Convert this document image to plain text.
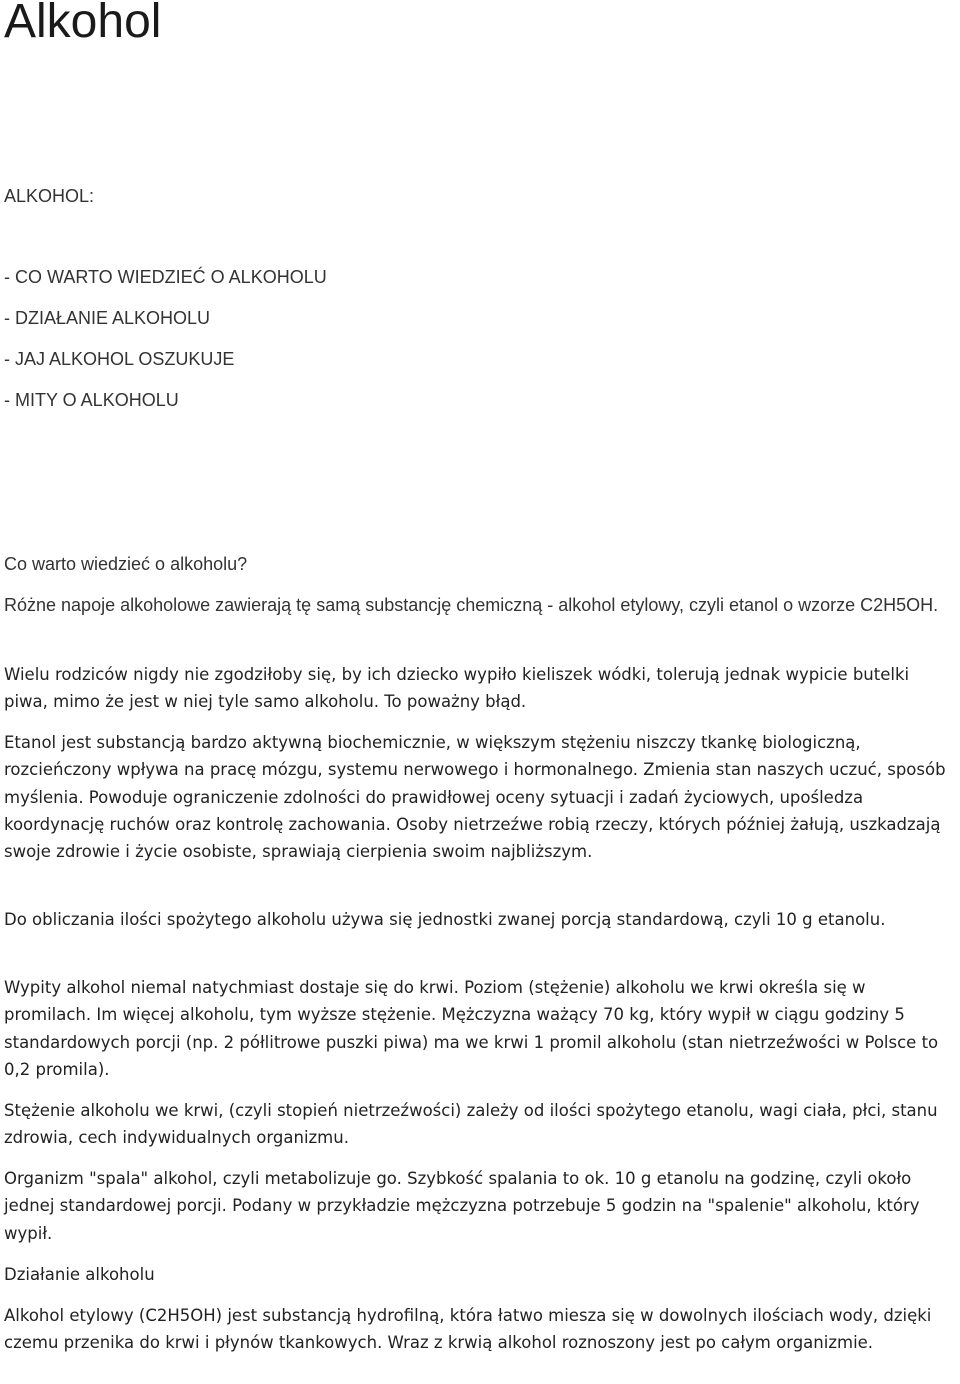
Alkohol

ALKOHOL:

- CO WARTO WIEDZIEĆ O ALKOHOLU

- DZIAŁANIE ALKOHOLU

- JAJ ALKOHOL OSZUKUJE

- MITY O ALKOHOLU

Co warto wiedzieć o alkoholu?

Różne napoje alkoholowe zawierają tę samą substancję chemiczną - alkohol etylowy, czyli etanol o wzorze C2H5OH.

Wielu rodziców nigdy nie zgodziłoby się, by ich dziecko wypiło kieliszek wódki, tolerują jednak wypicie butelki piwa, mimo że jest w niej tyle samo alkoholu. To poważny błąd.

Etanol jest substancją bardzo aktywną biochemicznie, w większym stężeniu niszczy tkankę biologiczną, rozcieńczony wpływa na pracę mózgu, systemu nerwowego i hormonalnego. Zmienia stan naszych uczuć, sposób myślenia. Powoduje ograniczenie zdolności do prawidłowej oceny sytuacji i zadań życiowych, upośledza koordynację ruchów oraz kontrolę zachowania. Osoby nietrzeźwe robią rzeczy, których później żałują, uszkadzają swoje zdrowie i życie osobiste, sprawiają cierpienia swoim najbliższym.

Do obliczania ilości spożytego alkoholu używa się jednostki zwanej porcją standardową, czyli 10 g etanolu.

Wypity alkohol niemal natychmiast dostaje się do krwi. Poziom (stężenie) alkoholu we krwi określa się w promilach. Im więcej alkoholu, tym wyższe stężenie. Mężczyzna ważący 70 kg, który wypił w ciągu godziny 5 standardowych porcji (np. 2 półlitrowe puszki piwa) ma we krwi 1 promil alkoholu (stan nietrzeźwości w Polsce to 0,2 promila).

Stężenie alkoholu we krwi, (czyli stopień nietrzeźwości) zależy od ilości spożytego etanolu, wagi ciała, płci, stanu zdrowia, cech indywidualnych organizmu.

Organizm "spala" alkohol, czyli metabolizuje go. Szybkość spalania to ok. 10 g etanolu na godzinę, czyli około jednej standardowej porcji. Podany w przykładzie mężczyzna potrzebuje 5 godzin na "spalenie" alkoholu, który wypił.

Działanie alkoholu

Alkohol etylowy (C2H5OH) jest substancją hydrofilną, która łatwo miesza się w dowolnych ilościach wody, dzięki czemu przenika do krwi i płynów tkankowych. Wraz z krwią alkohol roznoszony jest po całym organizmie.
